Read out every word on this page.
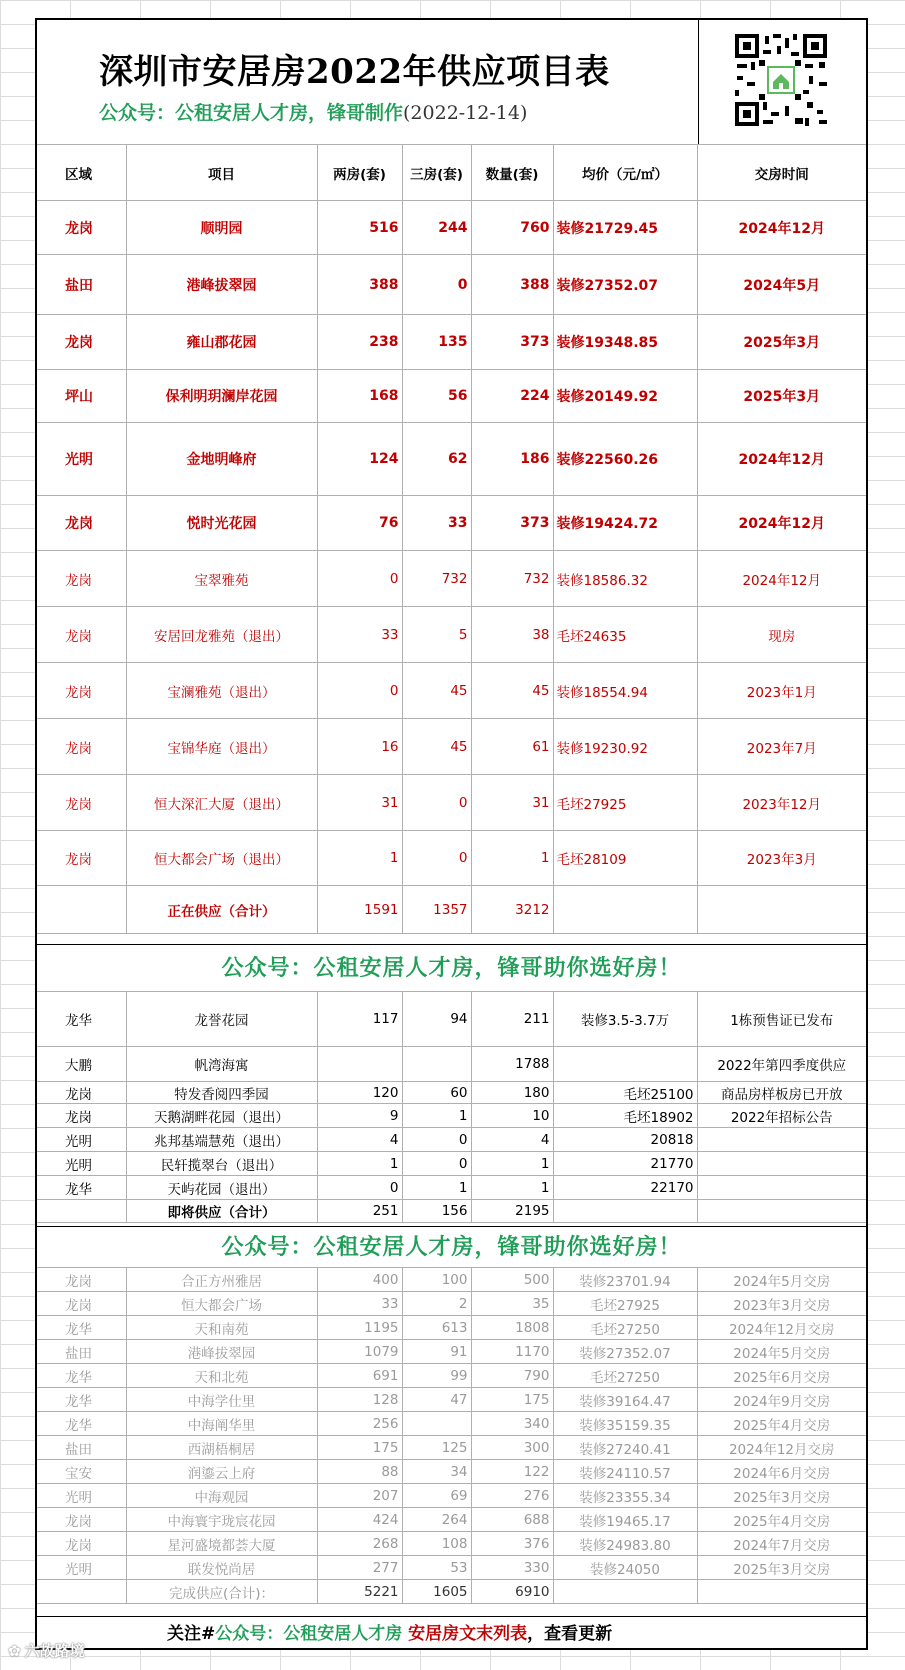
深圳市安居房2022年供应项目表
公众号：公租安居人才房，锋哥制作(2022-12-14)
区域	项目	两房(套)	三房(套)	数量(套)	均价（元/㎡）	交房时间
龙岗	顺明园	516	244	760	装修21729.45	2024年12月
盐田	港峰拔翠园	388	0	388	装修27352.07	2024年5月
龙岗	雍山郡花园	238	135	373	装修19348.85	2025年3月
坪山	保利明玥澜岸花园	168	56	224	装修20149.92	2025年3月
光明	金地明峰府	124	62	186	装修22560.26	2024年12月
龙岗	悦时光花园	76	33	373	装修19424.72	2024年12月
龙岗	宝翠雅苑	0	732	732	装修18586.32	2024年12月
龙岗	安居回龙雅苑（退出）	33	5	38	毛坯24635	现房
龙岗	宝澜雅苑（退出）	0	45	45	装修18554.94	2023年1月
龙岗	宝锦华庭（退出）	16	45	61	装修19230.92	2023年7月
龙岗	恒大深汇大厦（退出）	31	0	31	毛坯27925	2023年12月
龙岗	恒大都会广场（退出）	1	0	1	毛坯28109	2023年3月
	正在供应（合计）	1591	1357	3212		
公众号：公租安居人才房，锋哥助你选好房！
龙华	龙誉花园	117	94	211	装修3.5-3.7万	1栋预售证已发布
大鹏	帆湾海寓			1788		2022年第四季度供应
龙岗	特发香阅四季园	120	60	180	毛坯25100	商品房样板房已开放
龙岗	天鹅湖畔花园（退出）	9	1	10	毛坯18902	2022年招标公告
光明	兆邦基端慧苑（退出）	4	0	4	20818	
光明	民轩揽翠台（退出）	1	0	1	21770	
龙华	天屿花园（退出）	0	1	1	22170	
	即将供应（合计）	251	156	2195		
公众号：公租安居人才房，锋哥助你选好房！
龙岗	合正方州雅居	400	100	500	装修23701.94	2024年5月交房
龙岗	恒大都会广场	33	2	35	毛坯27925	2023年3月交房
龙华	天和南苑	1195	613	1808	毛坯27250	2024年12月交房
盐田	港峰拔翠园	1079	91	1170	装修27352.07	2024年5月交房
龙华	天和北苑	691	99	790	毛坯27250	2025年6月交房
龙华	中海学仕里	128	47	175	装修39164.47	2024年9月交房
龙华	中海阐华里	256		340	装修35159.35	2025年4月交房
盐田	西湖梧桐居	175	125	300	装修27240.41	2024年12月交房
宝安	润鎏云上府	88	34	122	装修24110.57	2024年6月交房
光明	中海观园	207	69	276	装修23355.34	2025年3月交房
龙岗	中海寰宇珑宸花园	424	264	688	装修19465.17	2025年4月交房
龙岗	星河盛境都荟大厦	268	108	376	装修24983.80	2024年7月交房
光明	联发悦尚居	277	53	330	装修24050	2025年3月交房
	完成供应(合计)：	5221	1605	6910		
关注#公众号：公租安居人才房 安居房文末列表，查看更新
✿ 六故路境
